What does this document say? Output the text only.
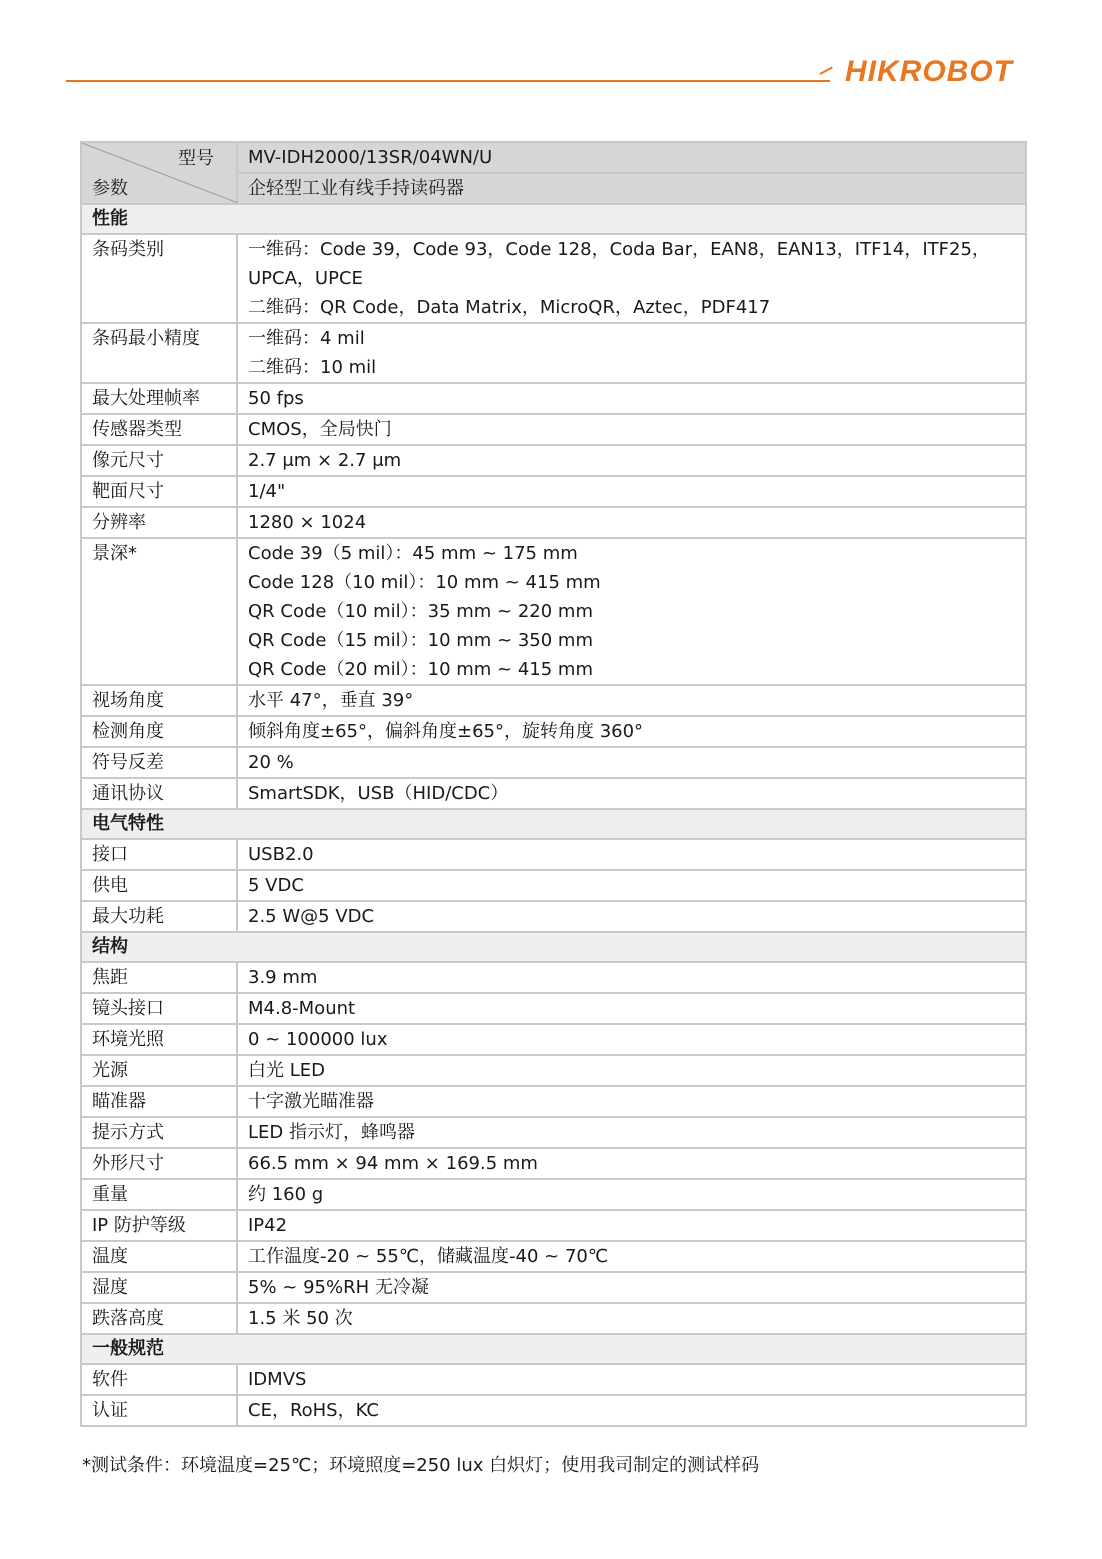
HIKROBOT
型号
参数	MV-IDH2000/13SR/04WN/U
	企轻型工业有线手持读码器
性能	
条码类别	一维码：Code 39，Code 93，Code 128，Coda Bar，EAN8，EAN13，ITF14，ITF25，
UPCA，UPCE
二维码：QR Code，Data Matrix，MicroQR，Aztec，PDF417

条码最小精度	一维码：4 mil
二维码：10 mil

最大处理帧率	50 fps

传感器类型	CMOS，全局快门

像元尺寸	2.7 μm × 2.7 μm

靶面尺寸	1/4"

分辨率	1280 × 1024

景深*	Code 39（5 mil）：45 mm ~ 175 mm
Code 128（10 mil）：10 mm ~ 415 mm
QR Code（10 mil）：35 mm ~ 220 mm
QR Code（15 mil）：10 mm ~ 350 mm
QR Code（20 mil）：10 mm ~ 415 mm

视场角度	水平 47°，垂直 39°

检测角度	倾斜角度±65°，偏斜角度±65°，旋转角度 360°

符号反差	20 %

通讯协议	SmartSDK，USB（HID/CDC）

电气特性	
接口	USB2.0

供电	5 VDC

最大功耗	2.5 W@5 VDC

结构	
焦距	3.9 mm

镜头接口	M4.8-Mount

环境光照	0 ~ 100000 lux

光源	白光 LED

瞄准器	十字激光瞄准器

提示方式	LED 指示灯，蜂鸣器

外形尺寸	66.5 mm × 94 mm × 169.5 mm

重量	约 160 g

IP 防护等级	IP42

温度	工作温度-20 ~ 55℃，储藏温度-40 ~ 70℃

湿度	5% ~ 95%RH 无冷凝

跌落高度	1.5 米 50 次

一般规范	
软件	IDMVS

认证	CE，RoHS，KC
*测试条件：环境温度=25℃；环境照度=250 lux 白炽灯；使用我司制定的测试样码
